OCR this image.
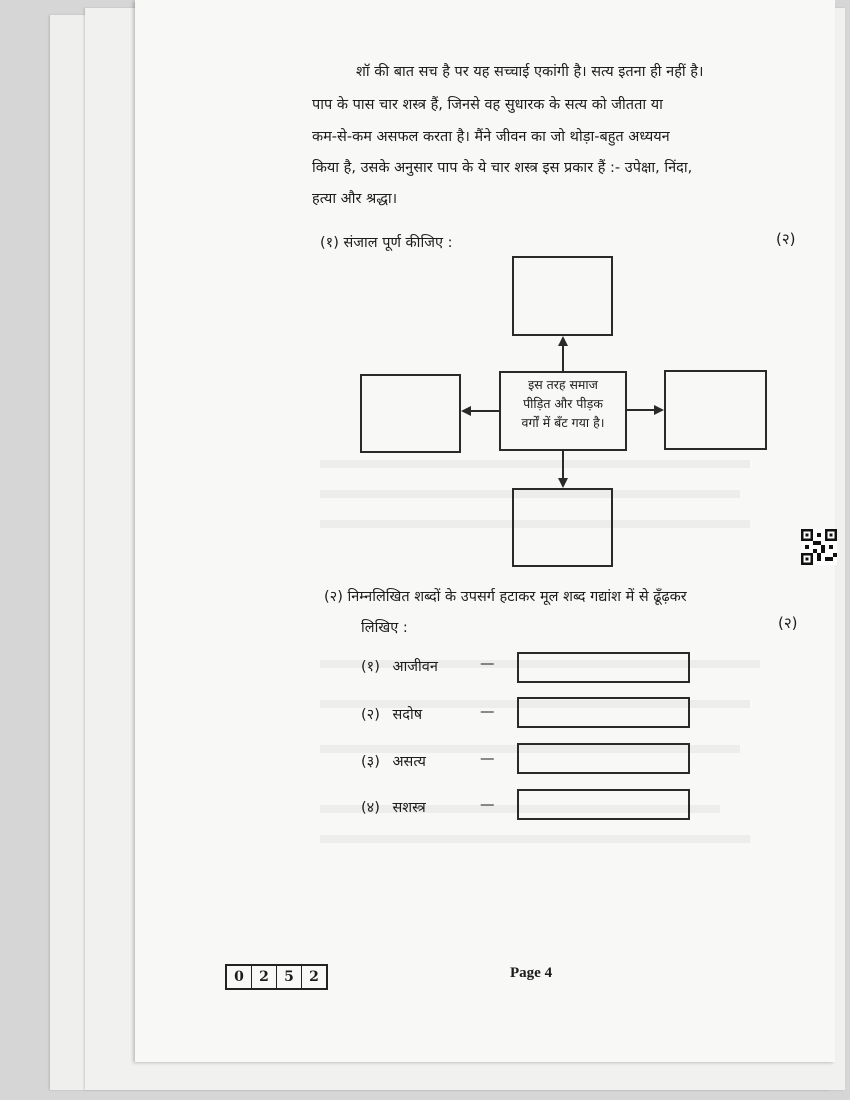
शॉ की बात सच है पर यह सच्चाई एकांगी है। सत्य इतना ही नहीं है।
पाप के पास चार शस्त्र हैं, जिनसे वह सुधारक के सत्य को जीतता या
कम-से-कम असफल करता है। मैंने जीवन का जो थोड़ा-बहुत अध्ययन
किया है, उसके अनुसार पाप के ये चार शस्त्र इस प्रकार हैं :- उपेक्षा, निंदा,
हत्या और श्रद्धा।
(१) संजाल पूर्ण कीजिए :	(२)
इस तरह समाज
पीड़ित और पीड़क
वर्गों में बँट गया है।
(२) निम्नलिखित शब्दों के उपसर्ग हटाकर मूल शब्द गद्यांश में से ढूँढ़कर
लिखिए :	(२)
(१) आजीवन	—
(२) सदोष	—
(३) असत्य	—
(४) सशस्त्र	—
0	2	5	2	Page 4
